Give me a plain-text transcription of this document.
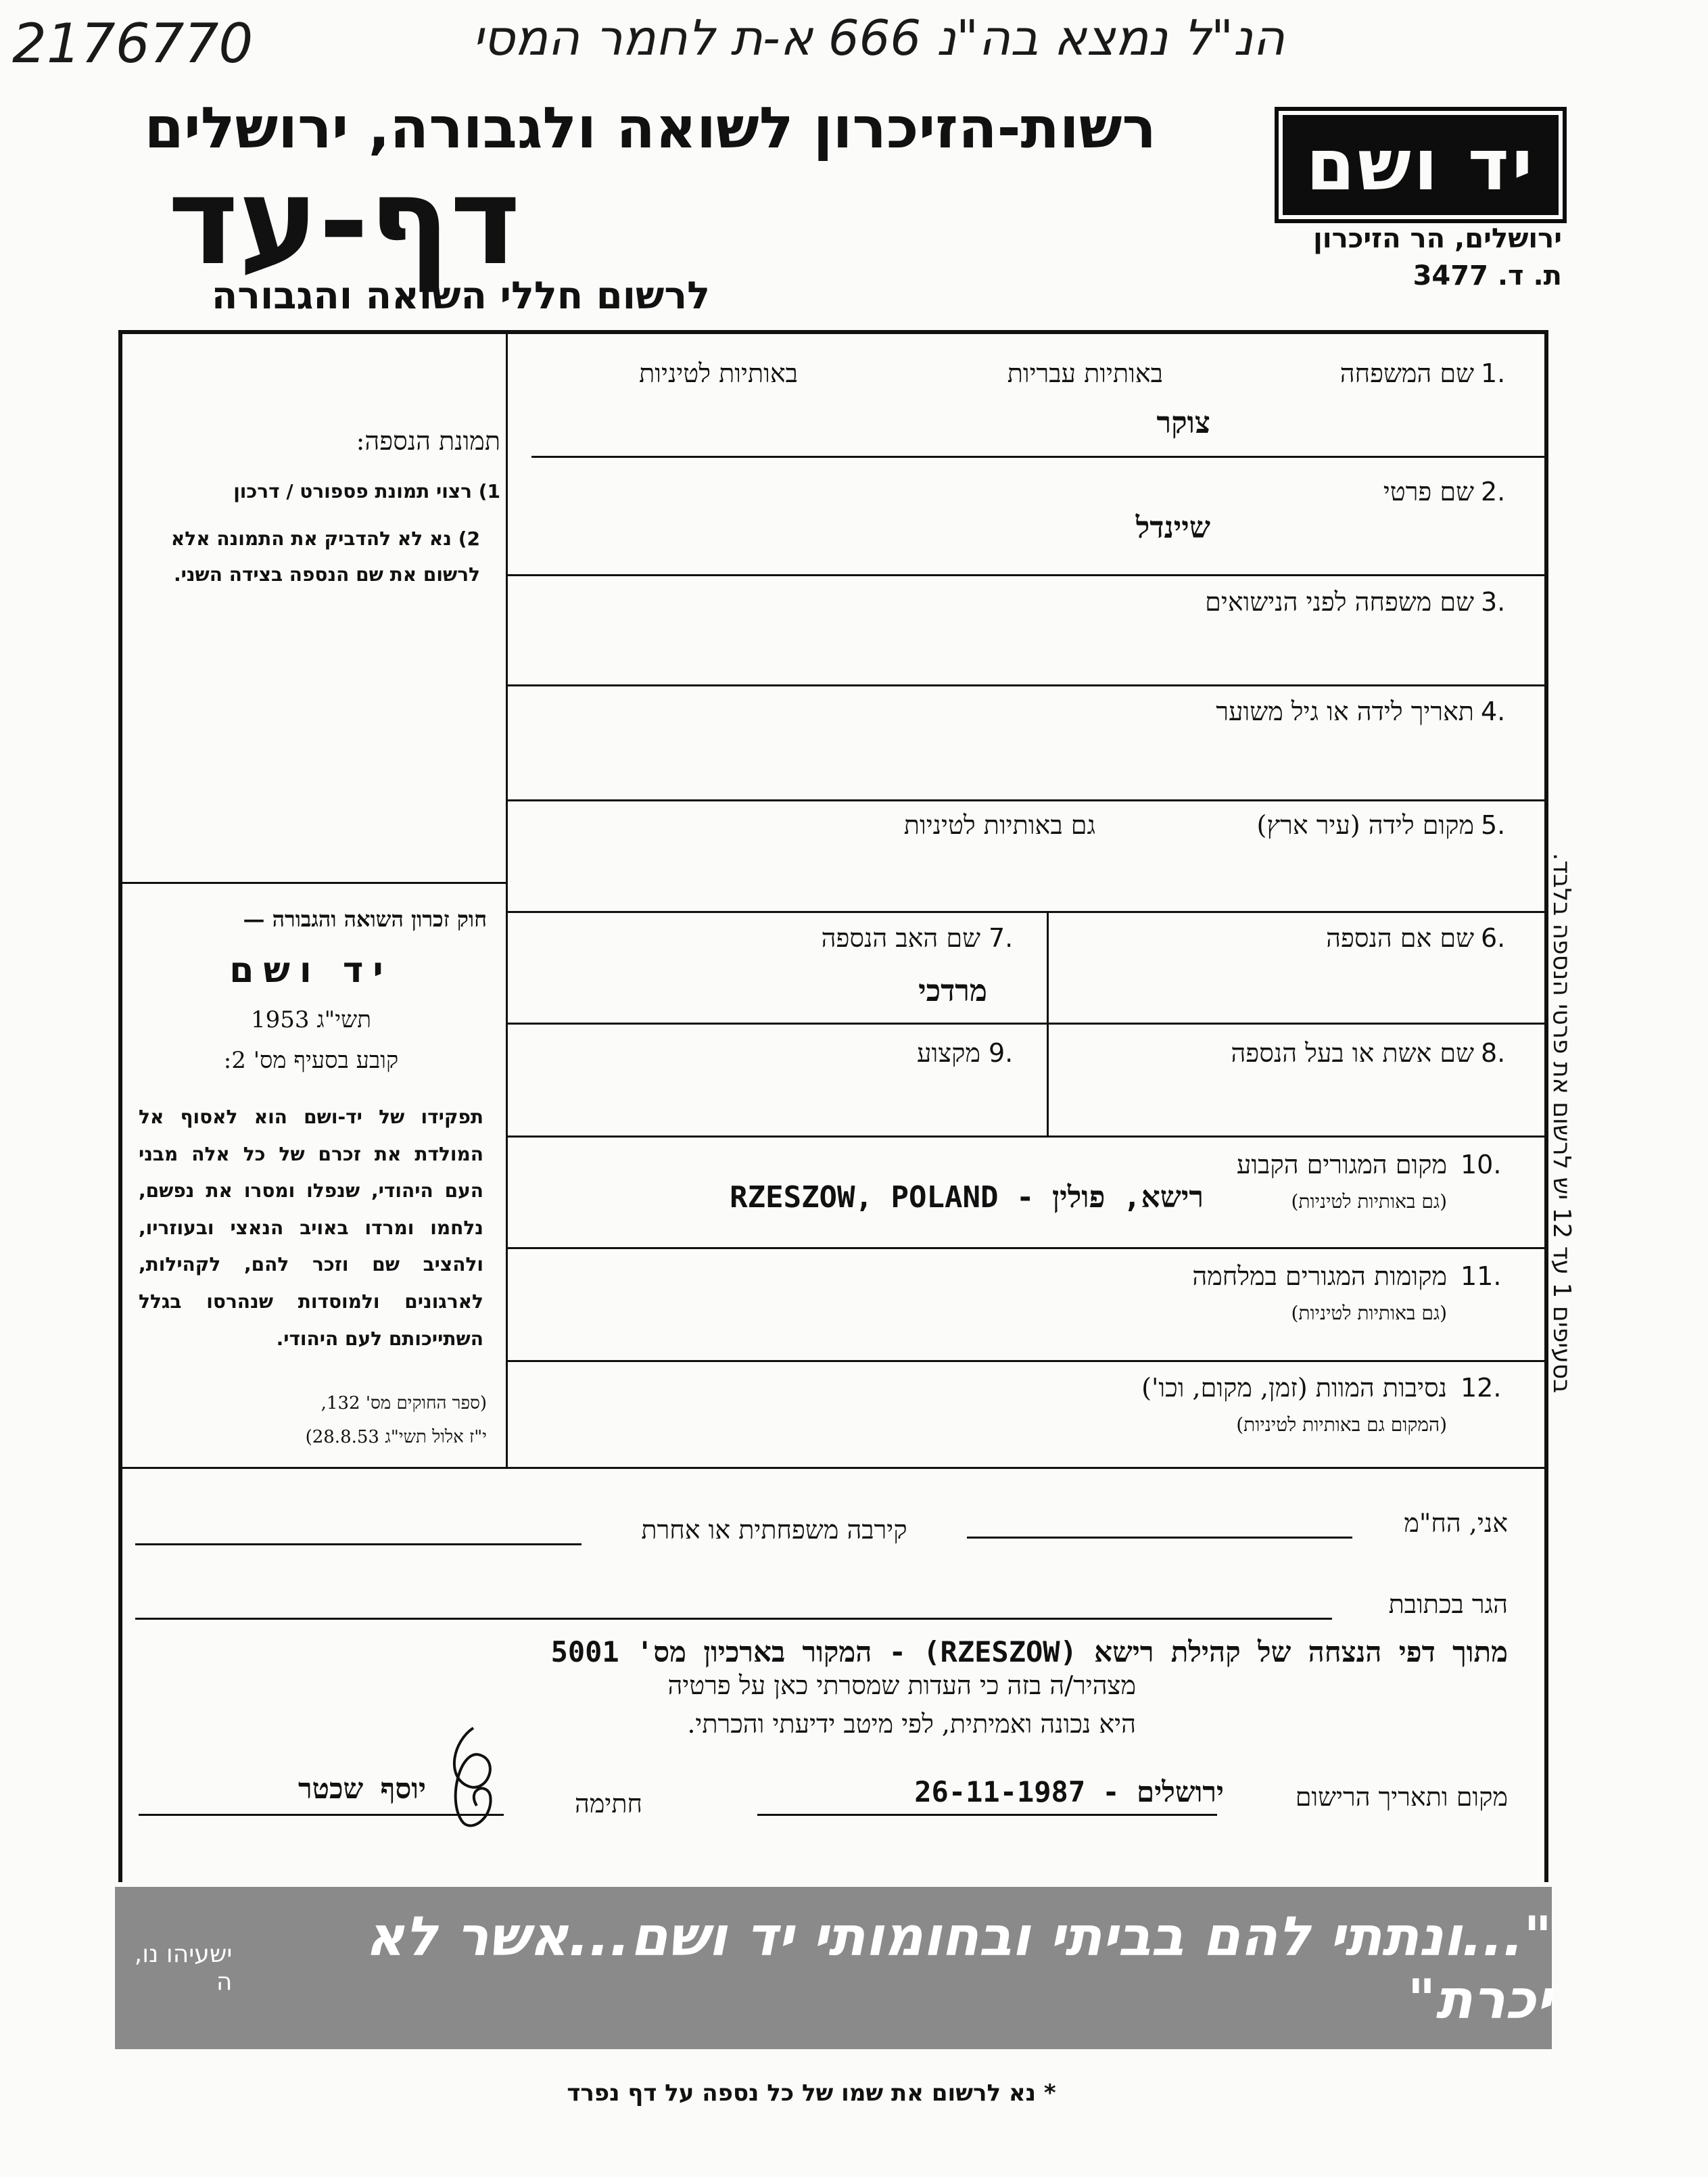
2176770	הנ"ל נמצא בה"נ 666 א-ת לחמר המסי
רשות-הזיכרון לשואה ולגבורה, ירושלים
דף-עד
לרשום חללי השואה והגבורה
יד ושם
ירושלים, הר הזיכרון
ת. ד. 3477
תמונת הנספה:
1) רצוי תמונת פספורט / דרכון
2) נא לא להדביק את התמונה אלא לרשום את שם הנספה בצידה השני.
חוק זכרון השואה והגבורה —
יד ושם
תשי"ג 1953
קובע בסעיף מס' 2:
תפקידו של יד-ושם הוא לאסוף אל המולדת את זכרם של כל אלה מבני העם היהודי, שנפלו ומסרו את נפשם, נלחמו ומרדו באויב הנאצי ובעוזריו, ולהציב שם וזכר להם, לקהילות, לארגונים ולמוסדות שנהרסו בגלל השתייכותם לעם היהודי.
(ספר החוקים מס' 132,
י"ז אלול תשי"ג 28.8.53)
1.
שם המשפחה
באותיות עבריות
באותיות לטיניות
צוקר
2.
שם פרטי
שיינדל
3.
שם משפחה לפני הנישואים
4.
תאריך לידה או גיל משוער
5.
מקום לידה (עיר ארץ)
גם באותיות לטיניות
6.
שם אם הנספה
7.
שם האב הנספה
מרדכי
8.
שם אשת או בעל הנספה
9.
מקצוע
10.
מקום המגורים הקבוע
(גם באותיות לטיניות)
RZESZOW, POLAND - רישא, פולין
11.
מקומות המגורים במלחמה
(גם באותיות לטיניות)
12.
נסיבות המוות (זמן, מקום, וכו')
(המקום גם באותיות לטיניות)
בסעיפים 1 עד 12 יש לרשום את פרטי הנספה בלבד.
אני, הח"מ
קירבה משפחתית או אחרת
הגר בכתובת
מתוך דפי הנצחה של קהילת רישא (RZESZOW) - המקור בארכיון מס' 5001
מצהיר/ה בזה כי העדות שמסרתי כאן על פרטיה
היא נכונה ואמיתית, לפי מיטב ידיעתי והכרתי.
מקום ותאריך הרישום
ירושלים - 26-11-1987
חתימה
יוסף שכטר
ישעיהו נו, ה
"...ונתתי להם בביתי ובחומותי יד ושם...אשר לא יכרת"
* נא לרשום את שמו של כל נספה על דף נפרד
